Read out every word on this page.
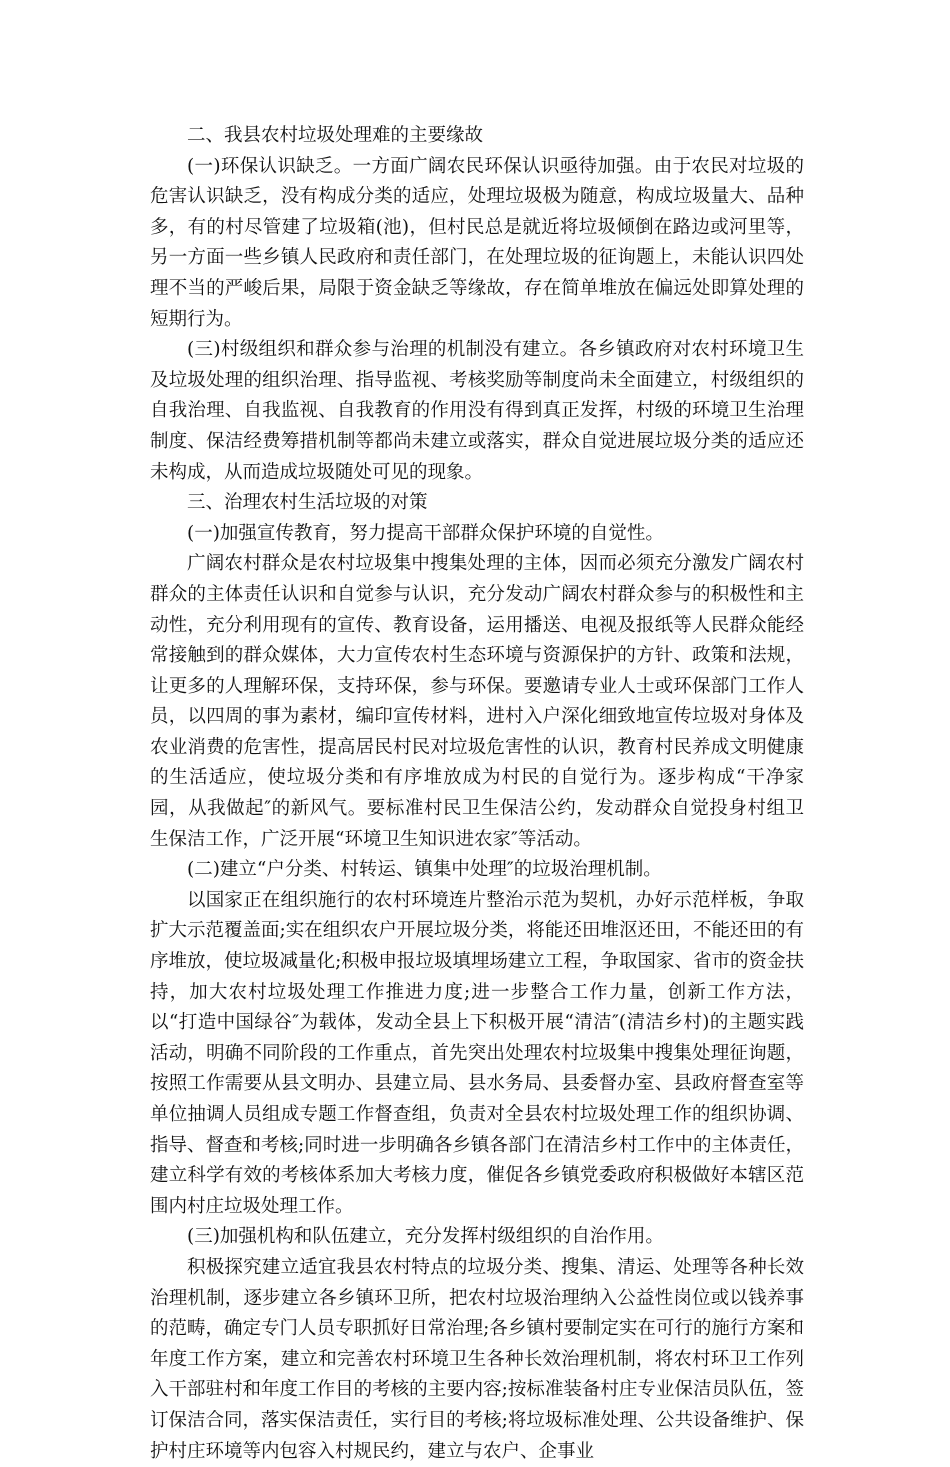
二、我县农村垃圾处理难的主要缘故

(一)环保认识缺乏。一方面广阔农民环保认识亟待加强。由于农民对垃圾的危害认识缺乏，没有构成分类的适应，处理垃圾极为随意，构成垃圾量大、品种多，有的村尽管建了垃圾箱(池)，但村民总是就近将垃圾倾倒在路边或河里等，另一方面一些乡镇人民政府和责任部门，在处理垃圾的征询题上，未能认识四处理不当的严峻后果，局限于资金缺乏等缘故，存在简单堆放在偏远处即算处理的短期行为。

(三)村级组织和群众参与治理的机制没有建立。各乡镇政府对农村环境卫生及垃圾处理的组织治理、指导监视、考核奖励等制度尚未全面建立，村级组织的自我治理、自我监视、自我教育的作用没有得到真正发挥，村级的环境卫生治理制度、保洁经费筹措机制等都尚未建立或落实，群众自觉进展垃圾分类的适应还未构成，从而造成垃圾随处可见的现象。

三、治理农村生活垃圾的对策

(一)加强宣传教育，努力提高干部群众保护环境的自觉性。

广阔农村群众是农村垃圾集中搜集处理的主体，因而必须充分激发广阔农村群众的主体责任认识和自觉参与认识，充分发动广阔农村群众参与的积极性和主动性，充分利用现有的宣传、教育设备，运用播送、电视及报纸等人民群众能经常接触到的群众媒体，大力宣传农村生态环境与资源保护的方针、政策和法规，让更多的人理解环保，支持环保，参与环保。要邀请专业人士或环保部门工作人员，以四周的事为素材，编印宣传材料，进村入户深化细致地宣传垃圾对身体及农业消费的危害性，提高居民村民对垃圾危害性的认识，教育村民养成文明健康的生活适应，使垃圾分类和有序堆放成为村民的自觉行为。逐步构成“干净家园，从我做起″的新风气。要标准村民卫生保洁公约，发动群众自觉投身村组卫生保洁工作，广泛开展“环境卫生知识进农家″等活动。

(二)建立“户分类、村转运、镇集中处理″的垃圾治理机制。

以国家正在组织施行的农村环境连片整治示范为契机，办好示范样板，争取扩大示范覆盖面;实在组织农户开展垃圾分类，将能还田堆沤还田，不能还田的有序堆放，使垃圾减量化;积极申报垃圾填埋场建立工程，争取国家、省市的资金扶持，加大农村垃圾处理工作推进力度;进一步整合工作力量，创新工作方法，以“打造中国绿谷″为载体，发动全县上下积极开展“清洁″(清洁乡村)的主题实践活动，明确不同阶段的工作重点，首先突出处理农村垃圾集中搜集处理征询题，按照工作需要从县文明办、县建立局、县水务局、县委督办室、县政府督查室等单位抽调人员组成专题工作督查组，负责对全县农村垃圾处理工作的组织协调、指导、督查和考核;同时进一步明确各乡镇各部门在清洁乡村工作中的主体责任，建立科学有效的考核体系加大考核力度，催促各乡镇党委政府积极做好本辖区范围内村庄垃圾处理工作。

(三)加强机构和队伍建立，充分发挥村级组织的自治作用。

积极探究建立适宜我县农村特点的垃圾分类、搜集、清运、处理等各种长效治理机制，逐步建立各乡镇环卫所，把农村垃圾治理纳入公益性岗位或以钱养事的范畴，确定专门人员专职抓好日常治理;各乡镇村要制定实在可行的施行方案和年度工作方案，建立和完善农村环境卫生各种长效治理机制，将农村环卫工作列入干部驻村和年度工作目的考核的主要内容;按标准装备村庄专业保洁员队伍，签订保洁合同，落实保洁责任，实行目的考核;将垃圾标准处理、公共设备维护、保护村庄环境等内包容入村规民约，建立与农户、企事业
